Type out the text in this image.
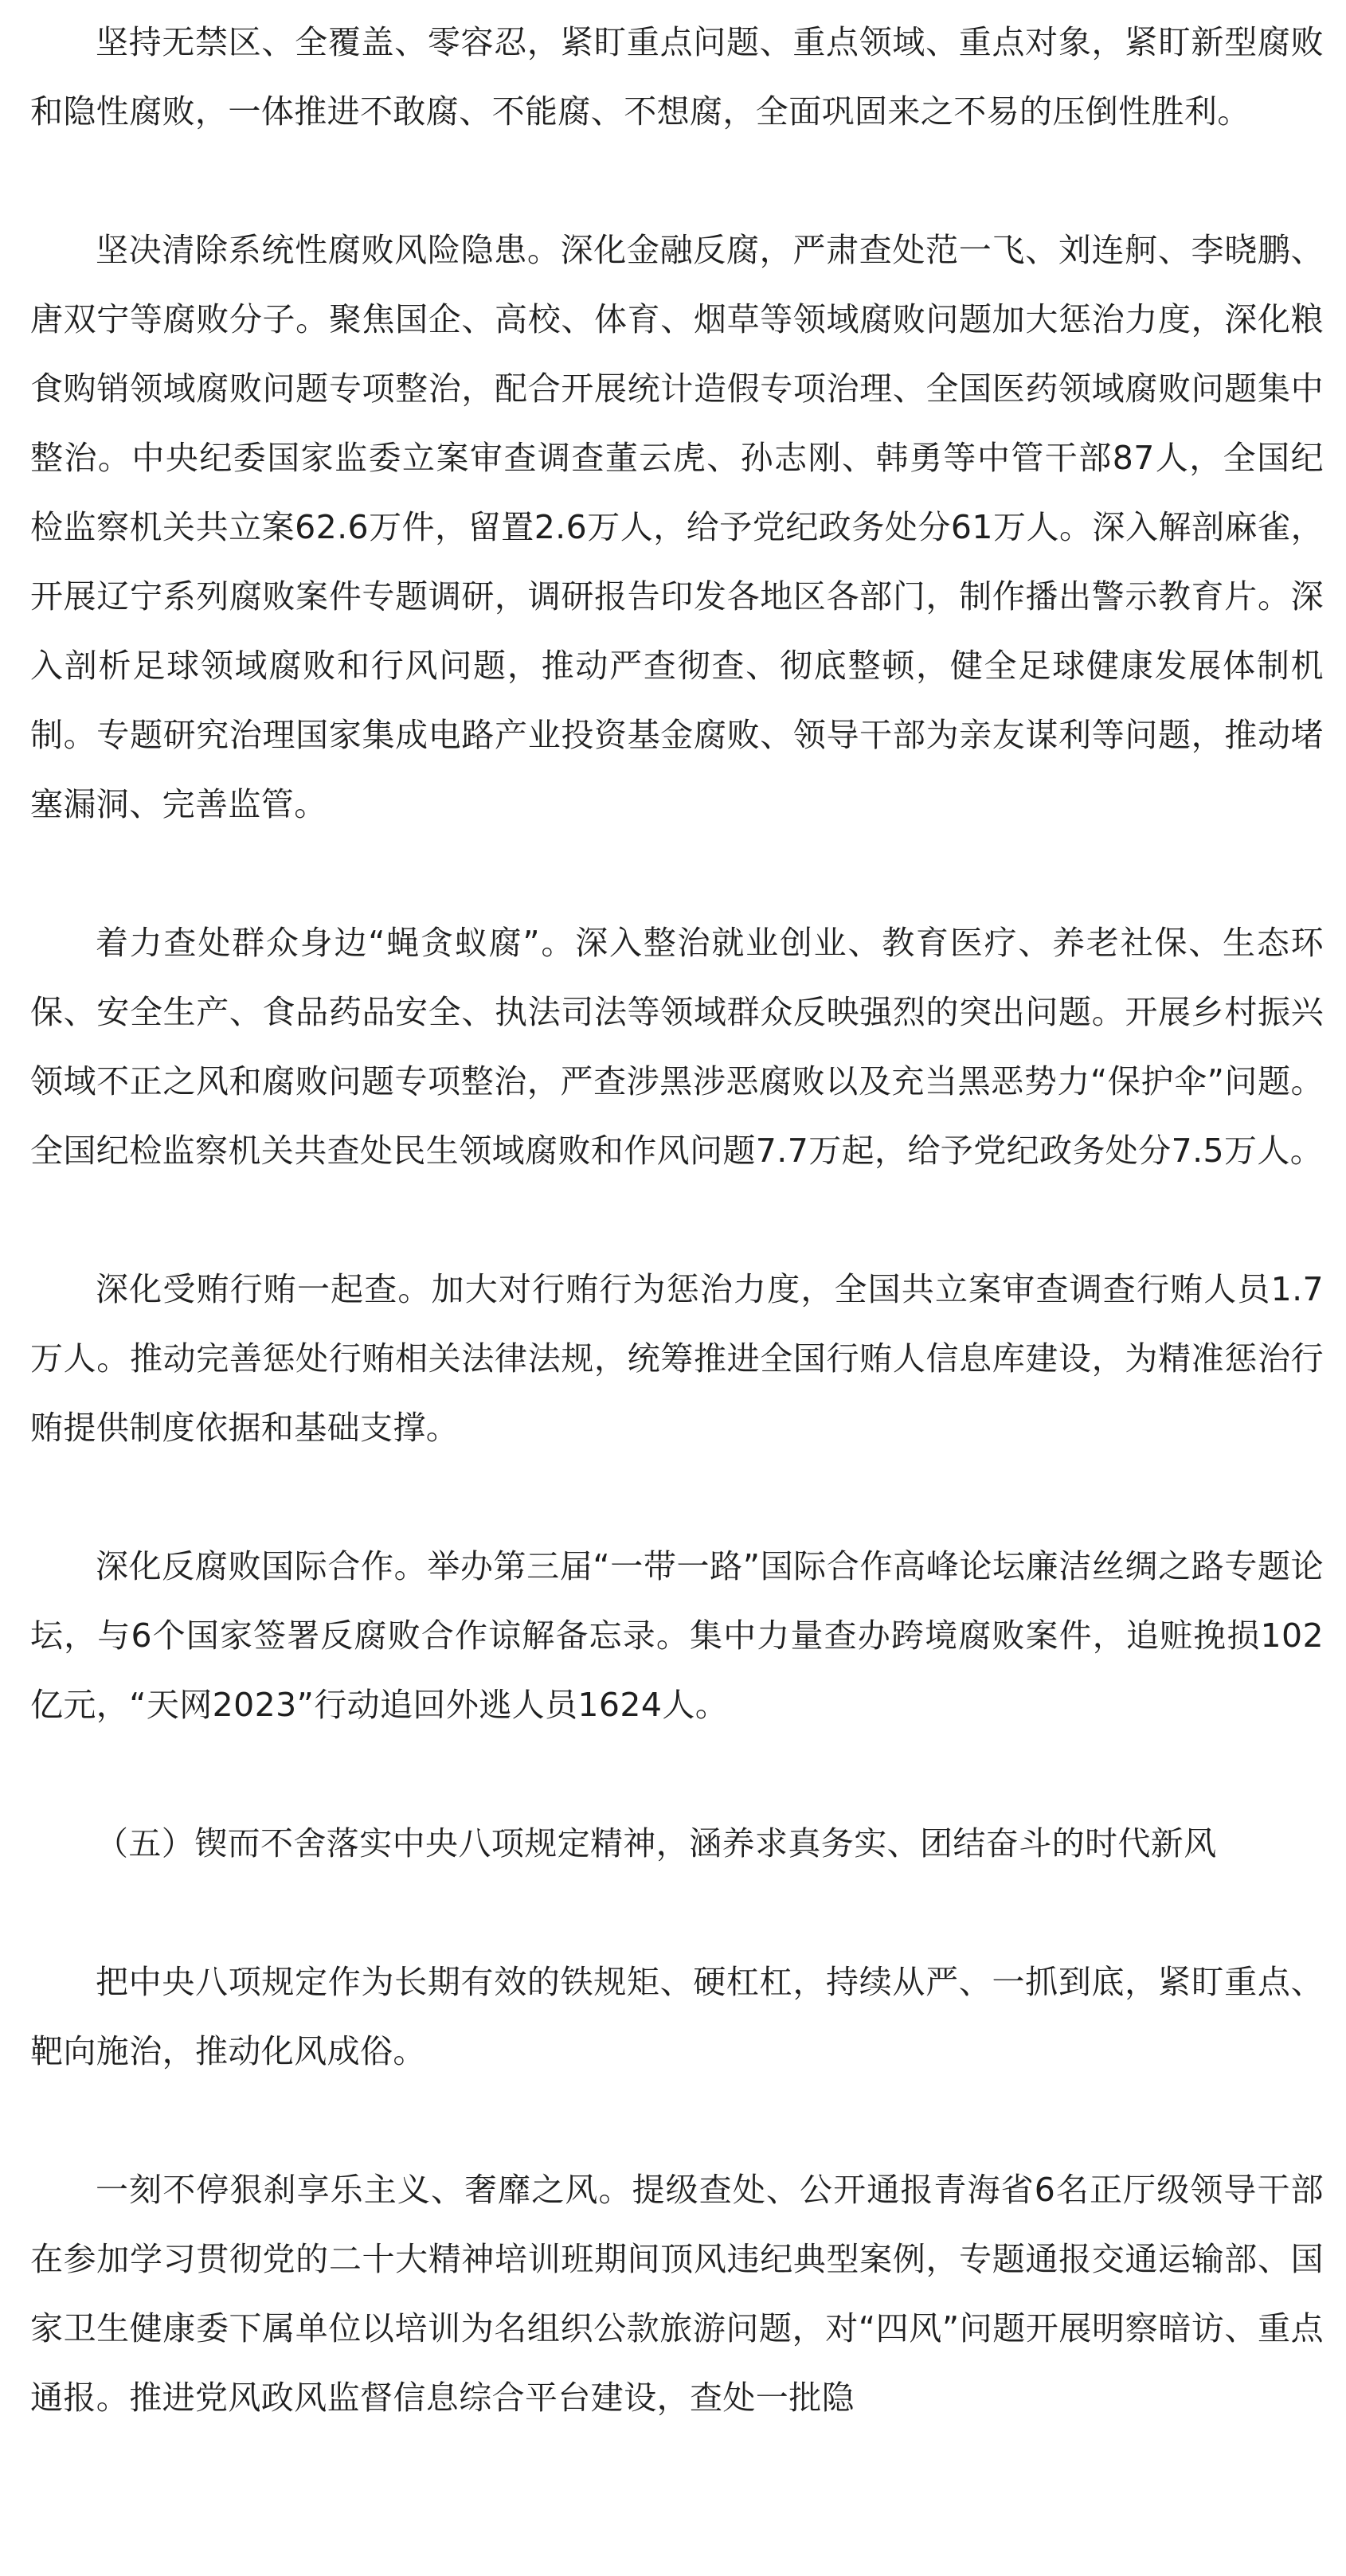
坚持无禁区、全覆盖、零容忍，紧盯重点问题、重点领域、重点对象，紧盯新型腐败和隐性腐败，一体推进不敢腐、不能腐、不想腐，全面巩固来之不易的压倒性胜利。

坚决清除系统性腐败风险隐患。深化金融反腐，严肃查处范一飞、刘连舸、李晓鹏、唐双宁等腐败分子。聚焦国企、高校、体育、烟草等领域腐败问题加大惩治力度，深化粮食购销领域腐败问题专项整治，配合开展统计造假专项治理、全国医药领域腐败问题集中整治。中央纪委国家监委立案审查调查董云虎、孙志刚、韩勇等中管干部87人，全国纪检监察机关共立案62.6万件，留置2.6万人，给予党纪政务处分61万人。深入解剖麻雀，开展辽宁系列腐败案件专题调研，调研报告印发各地区各部门，制作播出警示教育片。深入剖析足球领域腐败和行风问题，推动严查彻查、彻底整顿，健全足球健康发展体制机制。专题研究治理国家集成电路产业投资基金腐败、领导干部为亲友谋利等问题，推动堵塞漏洞、完善监管。

着力查处群众身边“蝇贪蚁腐”。深入整治就业创业、教育医疗、养老社保、生态环保、安全生产、食品药品安全、执法司法等领域群众反映强烈的突出问题。开展乡村振兴领域不正之风和腐败问题专项整治，严查涉黑涉恶腐败以及充当黑恶势力“保护伞”问题。全国纪检监察机关共查处民生领域腐败和作风问题7.7万起，给予党纪政务处分7.5万人。

深化受贿行贿一起查。加大对行贿行为惩治力度，全国共立案审查调查行贿人员1.7万人。推动完善惩处行贿相关法律法规，统筹推进全国行贿人信息库建设，为精准惩治行贿提供制度依据和基础支撑。

深化反腐败国际合作。举办第三届“一带一路”国际合作高峰论坛廉洁丝绸之路专题论坛，与6个国家签署反腐败合作谅解备忘录。集中力量查办跨境腐败案件，追赃挽损102亿元，“天网2023”行动追回外逃人员1624人。

（五）锲而不舍落实中央八项规定精神，涵养求真务实、团结奋斗的时代新风

把中央八项规定作为长期有效的铁规矩、硬杠杠，持续从严、一抓到底，紧盯重点、靶向施治，推动化风成俗。

一刻不停狠刹享乐主义、奢靡之风。提级查处、公开通报青海省6名正厅级领导干部在参加学习贯彻党的二十大精神培训班期间顶风违纪典型案例，专题通报交通运输部、国家卫生健康委下属单位以培训为名组织公款旅游问题，对“四风”问题开展明察暗访、重点通报。推进党风政风监督信息综合平台建设，查处一批隐
